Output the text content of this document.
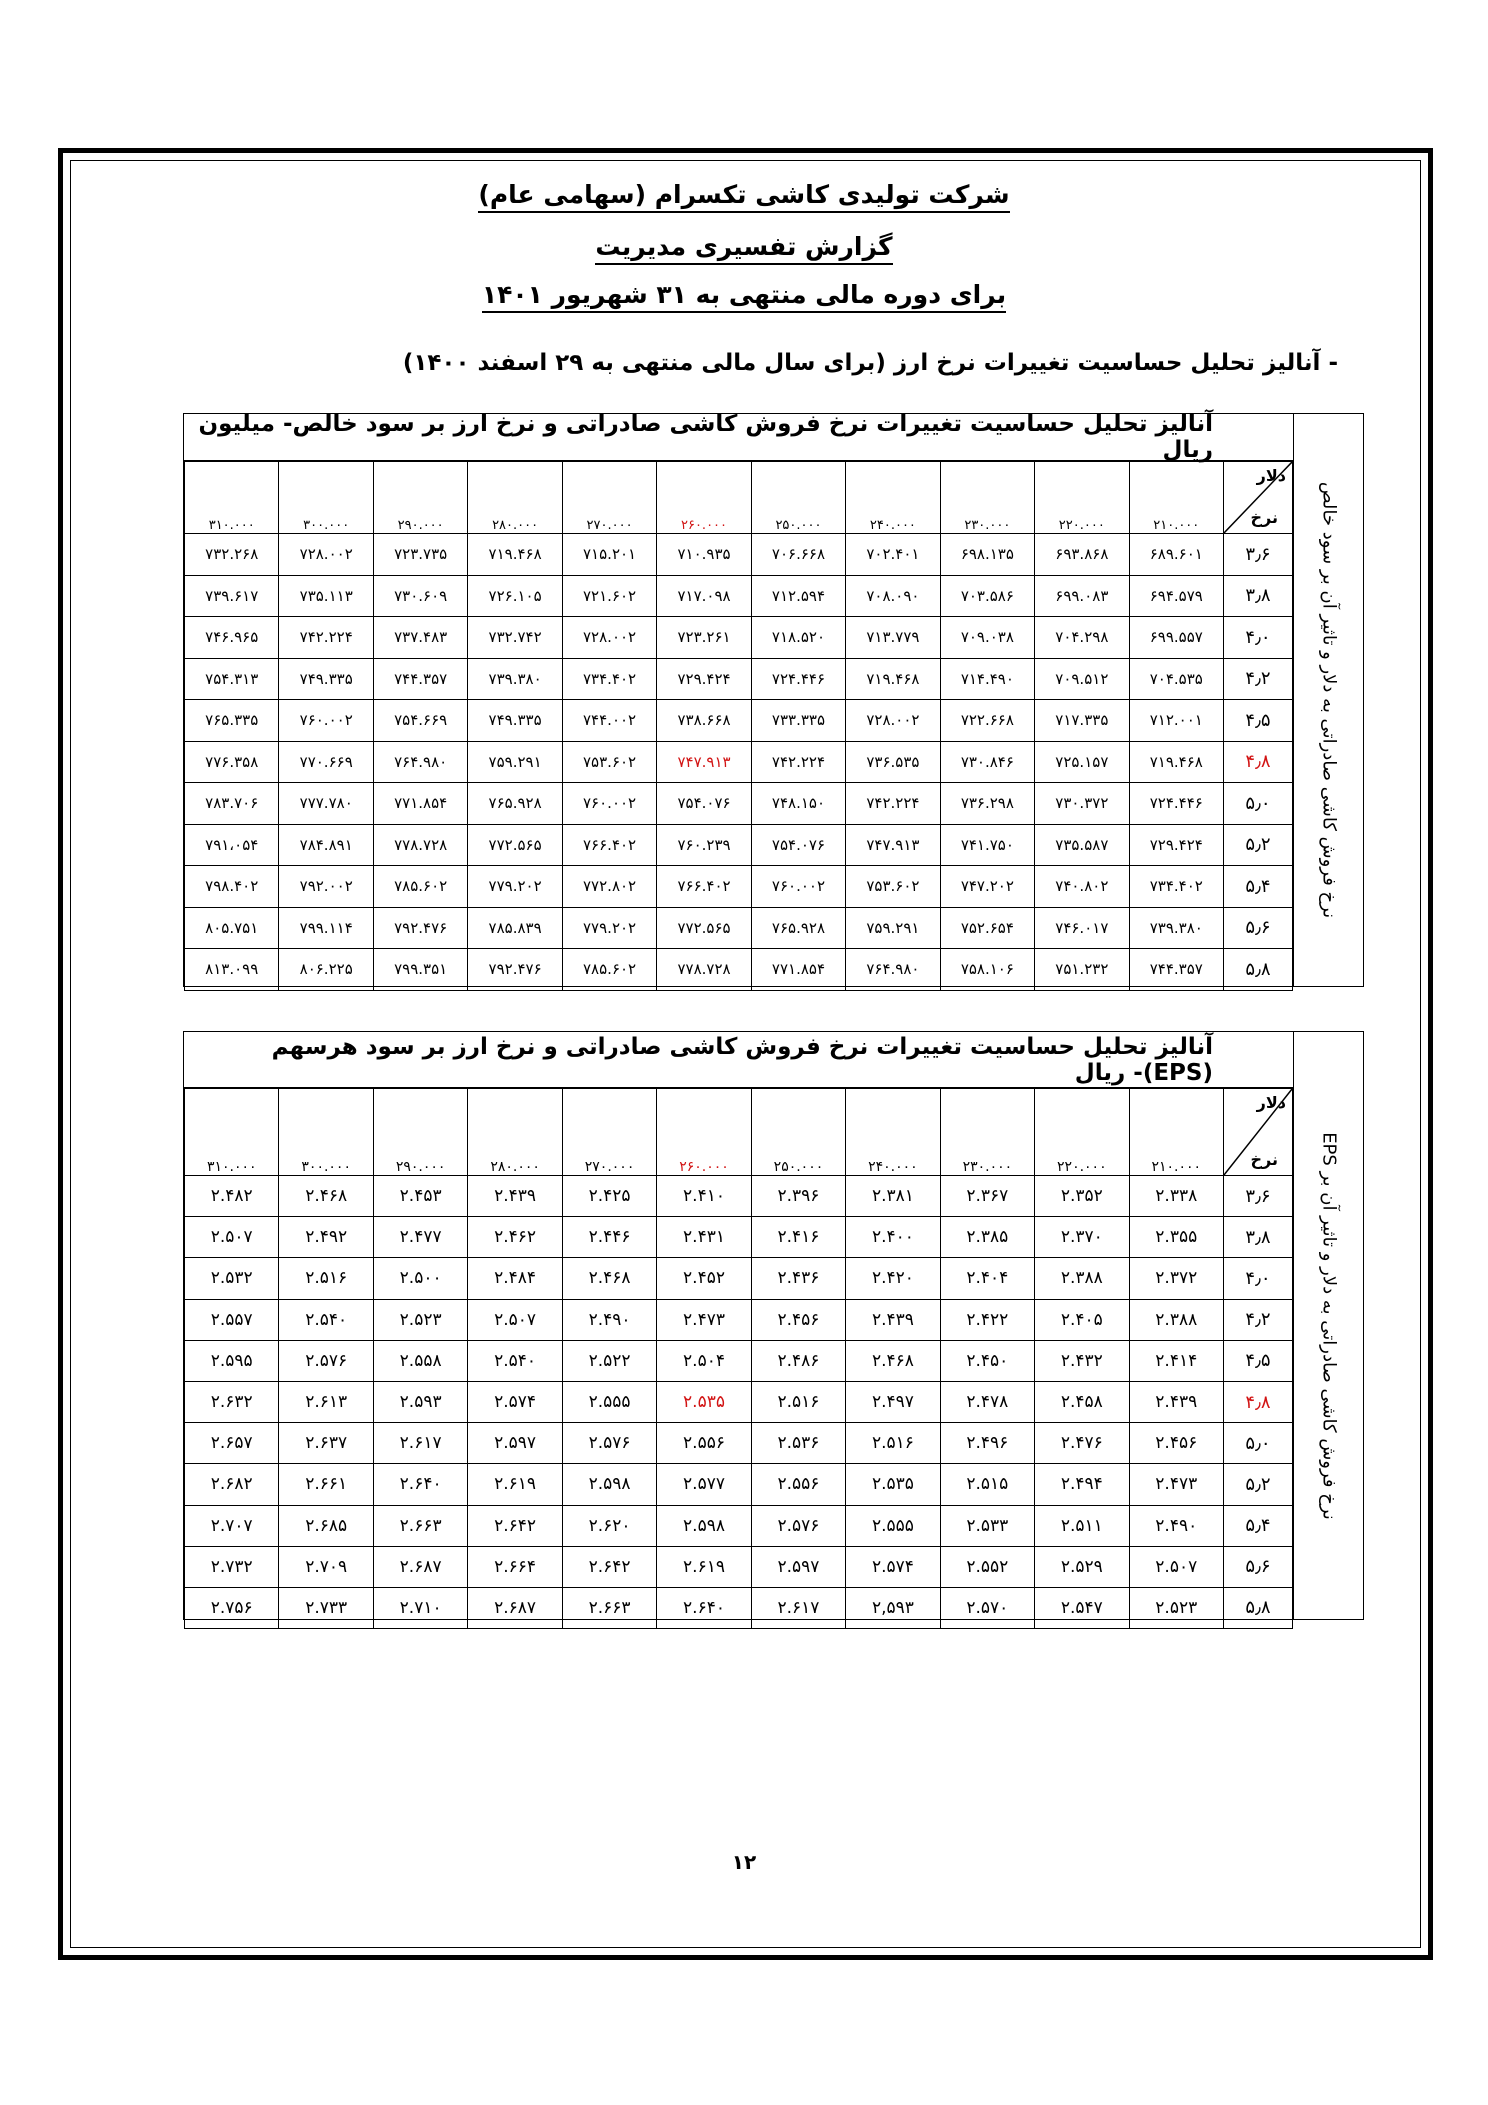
شرکت تولیدی کاشی تکسرام (سهامی عام)
گزارش تفسیری مدیریت
برای دوره مالی منتهی به ۳۱ شهریور ۱۴۰۱
- آنالیز تحلیل حساسیت تغییرات نرخ ارز (برای سال مالی منتهی به ۲۹ اسفند ۱۴۰۰)
نرخ فروش کاشی صادراتی به دلار و تاثیر آن بر سود خالص
آنالیز تحلیل حساسیت تغییرات نرخ فروش کاشی صادراتی و نرخ ارز بر سود خالص- میلیون ریال
دلار
نرخ	۲۱۰.۰۰۰	۲۲۰.۰۰۰	۲۳۰.۰۰۰	۲۴۰.۰۰۰	۲۵۰.۰۰۰	۲۶۰.۰۰۰	۲۷۰.۰۰۰	۲۸۰.۰۰۰	۲۹۰.۰۰۰	۳۰۰.۰۰۰	۳۱۰.۰۰۰
۳٫۶	۶۸۹.۶۰۱	۶۹۳.۸۶۸	۶۹۸.۱۳۵	۷۰۲.۴۰۱	۷۰۶.۶۶۸	۷۱۰.۹۳۵	۷۱۵.۲۰۱	۷۱۹.۴۶۸	۷۲۳.۷۳۵	۷۲۸.۰۰۲	۷۳۲.۲۶۸
۳٫۸	۶۹۴.۵۷۹	۶۹۹.۰۸۳	۷۰۳.۵۸۶	۷۰۸.۰۹۰	۷۱۲.۵۹۴	۷۱۷.۰۹۸	۷۲۱.۶۰۲	۷۲۶.۱۰۵	۷۳۰.۶۰۹	۷۳۵.۱۱۳	۷۳۹.۶۱۷
۴٫۰	۶۹۹.۵۵۷	۷۰۴.۲۹۸	۷۰۹.۰۳۸	۷۱۳.۷۷۹	۷۱۸.۵۲۰	۷۲۳.۲۶۱	۷۲۸.۰۰۲	۷۳۲.۷۴۲	۷۳۷.۴۸۳	۷۴۲.۲۲۴	۷۴۶.۹۶۵
۴٫۲	۷۰۴.۵۳۵	۷۰۹.۵۱۲	۷۱۴.۴۹۰	۷۱۹.۴۶۸	۷۲۴.۴۴۶	۷۲۹.۴۲۴	۷۳۴.۴۰۲	۷۳۹.۳۸۰	۷۴۴.۳۵۷	۷۴۹.۳۳۵	۷۵۴.۳۱۳
۴٫۵	۷۱۲.۰۰۱	۷۱۷.۳۳۵	۷۲۲.۶۶۸	۷۲۸.۰۰۲	۷۳۳.۳۳۵	۷۳۸.۶۶۸	۷۴۴.۰۰۲	۷۴۹.۳۳۵	۷۵۴.۶۶۹	۷۶۰.۰۰۲	۷۶۵.۳۳۵
۴٫۸	۷۱۹.۴۶۸	۷۲۵.۱۵۷	۷۳۰.۸۴۶	۷۳۶.۵۳۵	۷۴۲.۲۲۴	۷۴۷.۹۱۳	۷۵۳.۶۰۲	۷۵۹.۲۹۱	۷۶۴.۹۸۰	۷۷۰.۶۶۹	۷۷۶.۳۵۸
۵٫۰	۷۲۴.۴۴۶	۷۳۰.۳۷۲	۷۳۶.۲۹۸	۷۴۲.۲۲۴	۷۴۸.۱۵۰	۷۵۴.۰۷۶	۷۶۰.۰۰۲	۷۶۵.۹۲۸	۷۷۱.۸۵۴	۷۷۷.۷۸۰	۷۸۳.۷۰۶
۵٫۲	۷۲۹.۴۲۴	۷۳۵.۵۸۷	۷۴۱.۷۵۰	۷۴۷.۹۱۳	۷۵۴.۰۷۶	۷۶۰.۲۳۹	۷۶۶.۴۰۲	۷۷۲.۵۶۵	۷۷۸.۷۲۸	۷۸۴.۸۹۱	۷۹۱،۰۵۴
۵٫۴	۷۳۴.۴۰۲	۷۴۰.۸۰۲	۷۴۷.۲۰۲	۷۵۳.۶۰۲	۷۶۰.۰۰۲	۷۶۶.۴۰۲	۷۷۲.۸۰۲	۷۷۹.۲۰۲	۷۸۵.۶۰۲	۷۹۲.۰۰۲	۷۹۸.۴۰۲
۵٫۶	۷۳۹.۳۸۰	۷۴۶.۰۱۷	۷۵۲.۶۵۴	۷۵۹.۲۹۱	۷۶۵.۹۲۸	۷۷۲.۵۶۵	۷۷۹.۲۰۲	۷۸۵.۸۳۹	۷۹۲.۴۷۶	۷۹۹.۱۱۴	۸۰۵.۷۵۱
۵٫۸	۷۴۴.۳۵۷	۷۵۱.۲۳۲	۷۵۸.۱۰۶	۷۶۴.۹۸۰	۷۷۱.۸۵۴	۷۷۸.۷۲۸	۷۸۵.۶۰۲	۷۹۲.۴۷۶	۷۹۹.۳۵۱	۸۰۶.۲۲۵	۸۱۳.۰۹۹
نرخ فروش کاشی صادراتی به دلار و تاثیر آن بر EPS
آنالیز تحلیل حساسیت تغییرات نرخ فروش کاشی صادراتی و نرخ ارز بر سود هرسهم (EPS)- ریال
دلار
نرخ	۲۱۰.۰۰۰	۲۲۰.۰۰۰	۲۳۰.۰۰۰	۲۴۰.۰۰۰	۲۵۰.۰۰۰	۲۶۰.۰۰۰	۲۷۰.۰۰۰	۲۸۰.۰۰۰	۲۹۰.۰۰۰	۳۰۰.۰۰۰	۳۱۰.۰۰۰
۳٫۶	۲.۳۳۸	۲.۳۵۲	۲.۳۶۷	۲.۳۸۱	۲.۳۹۶	۲.۴۱۰	۲.۴۲۵	۲.۴۳۹	۲.۴۵۳	۲.۴۶۸	۲.۴۸۲
۳٫۸	۲.۳۵۵	۲.۳۷۰	۲.۳۸۵	۲.۴۰۰	۲.۴۱۶	۲.۴۳۱	۲.۴۴۶	۲.۴۶۲	۲.۴۷۷	۲.۴۹۲	۲.۵۰۷
۴٫۰	۲.۳۷۲	۲.۳۸۸	۲.۴۰۴	۲.۴۲۰	۲.۴۳۶	۲.۴۵۲	۲.۴۶۸	۲.۴۸۴	۲.۵۰۰	۲.۵۱۶	۲.۵۳۲
۴٫۲	۲.۳۸۸	۲.۴۰۵	۲.۴۲۲	۲.۴۳۹	۲.۴۵۶	۲.۴۷۳	۲.۴۹۰	۲.۵۰۷	۲.۵۲۳	۲.۵۴۰	۲.۵۵۷
۴٫۵	۲.۴۱۴	۲.۴۳۲	۲.۴۵۰	۲.۴۶۸	۲.۴۸۶	۲.۵۰۴	۲.۵۲۲	۲.۵۴۰	۲.۵۵۸	۲.۵۷۶	۲.۵۹۵
۴٫۸	۲.۴۳۹	۲.۴۵۸	۲.۴۷۸	۲.۴۹۷	۲.۵۱۶	۲.۵۳۵	۲.۵۵۵	۲.۵۷۴	۲.۵۹۳	۲.۶۱۳	۲.۶۳۲
۵٫۰	۲.۴۵۶	۲.۴۷۶	۲.۴۹۶	۲.۵۱۶	۲.۵۳۶	۲.۵۵۶	۲.۵۷۶	۲.۵۹۷	۲.۶۱۷	۲.۶۳۷	۲.۶۵۷
۵٫۲	۲.۴۷۳	۲.۴۹۴	۲.۵۱۵	۲.۵۳۵	۲.۵۵۶	۲.۵۷۷	۲.۵۹۸	۲.۶۱۹	۲.۶۴۰	۲.۶۶۱	۲.۶۸۲
۵٫۴	۲.۴۹۰	۲.۵۱۱	۲.۵۳۳	۲.۵۵۵	۲.۵۷۶	۲.۵۹۸	۲.۶۲۰	۲.۶۴۲	۲.۶۶۳	۲.۶۸۵	۲.۷۰۷
۵٫۶	۲.۵۰۷	۲.۵۲۹	۲.۵۵۲	۲.۵۷۴	۲.۵۹۷	۲.۶۱۹	۲.۶۴۲	۲.۶۶۴	۲.۶۸۷	۲.۷۰۹	۲.۷۳۲
۵٫۸	۲.۵۲۳	۲.۵۴۷	۲.۵۷۰	۲,۵۹۳	۲.۶۱۷	۲.۶۴۰	۲.۶۶۳	۲.۶۸۷	۲.۷۱۰	۲.۷۳۳	۲.۷۵۶
۱۲
